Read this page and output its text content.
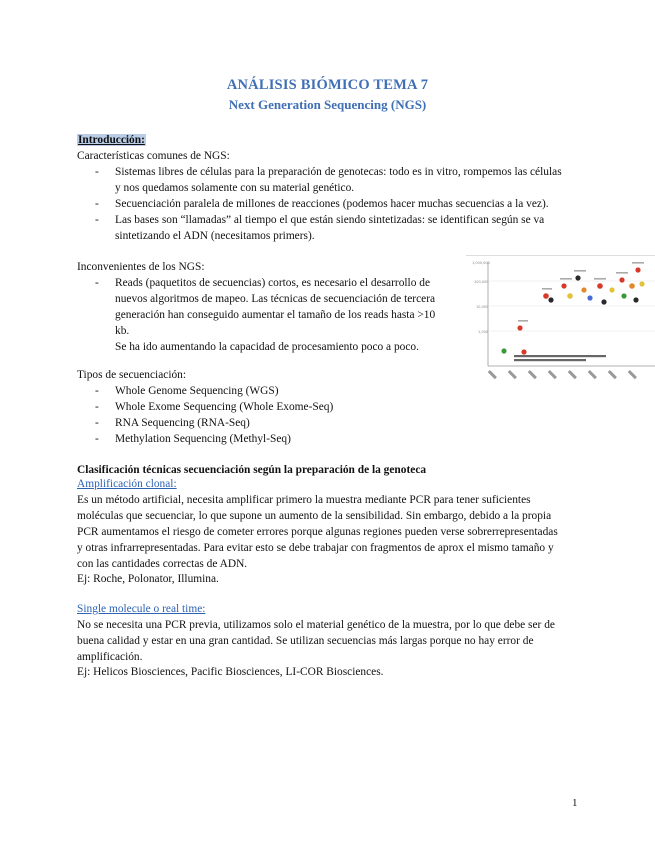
ANÁLISIS BIÓMICO TEMA 7
Next Generation Sequencing (NGS)
Introducción:
Características comunes de NGS:
- Sistemas libres de células para la preparación de genotecas: todo es in vitro, rompemos las células
y nos quedamos solamente con su material genético.
- Secuenciación paralela de millones de reacciones (podemos hacer muchas secuencias a la vez).
- Las bases son “llamadas” al tiempo el que están siendo sintetizadas: se identifican según se va
sintetizando el ADN (necesitamos primers).
Inconvenientes de los NGS:
- Reads (paquetitos de secuencias) cortos, es necesario el desarrollo de
nuevos algoritmos de mapeo. Las técnicas de secuenciación de tercera
generación han conseguido aumentar el tamaño de los reads hasta >10
kb.
Se ha ido aumentando la capacidad de procesamiento poco a poco.
1,000,000
100,000
10,000
1,000
Tipos de secuenciación:
- Whole Genome Sequencing (WGS)
- Whole Exome Sequencing (Whole Exome-Seq)
- RNA Sequencing (RNA-Seq)
- Methylation Sequencing (Methyl-Seq)
Clasificación técnicas secuenciación según la preparación de la genoteca
Amplificación clonal:
Es un método artificial, necesita amplificar primero la muestra mediante PCR para tener suficientes
moléculas que secuenciar, lo que supone un aumento de la sensibilidad. Sin embargo, debido a la propia
PCR aumentamos el riesgo de cometer errores porque algunas regiones pueden verse sobrerrepresentadas
y otras infrarrepresentadas. Para evitar esto se debe trabajar con fragmentos de aprox el mismo tamaño y
con las cantidades correctas de ADN.
Ej: Roche, Polonator, Illumina.
Single molecule o real time:
No se necesita una PCR previa, utilizamos solo el material genético de la muestra, por lo que debe ser de
buena calidad y estar en una gran cantidad. Se utilizan secuencias más largas porque no hay error de
amplificación.
Ej: Helicos Biosciences, Pacific Biosciences, LI-COR Biosciences.
1
